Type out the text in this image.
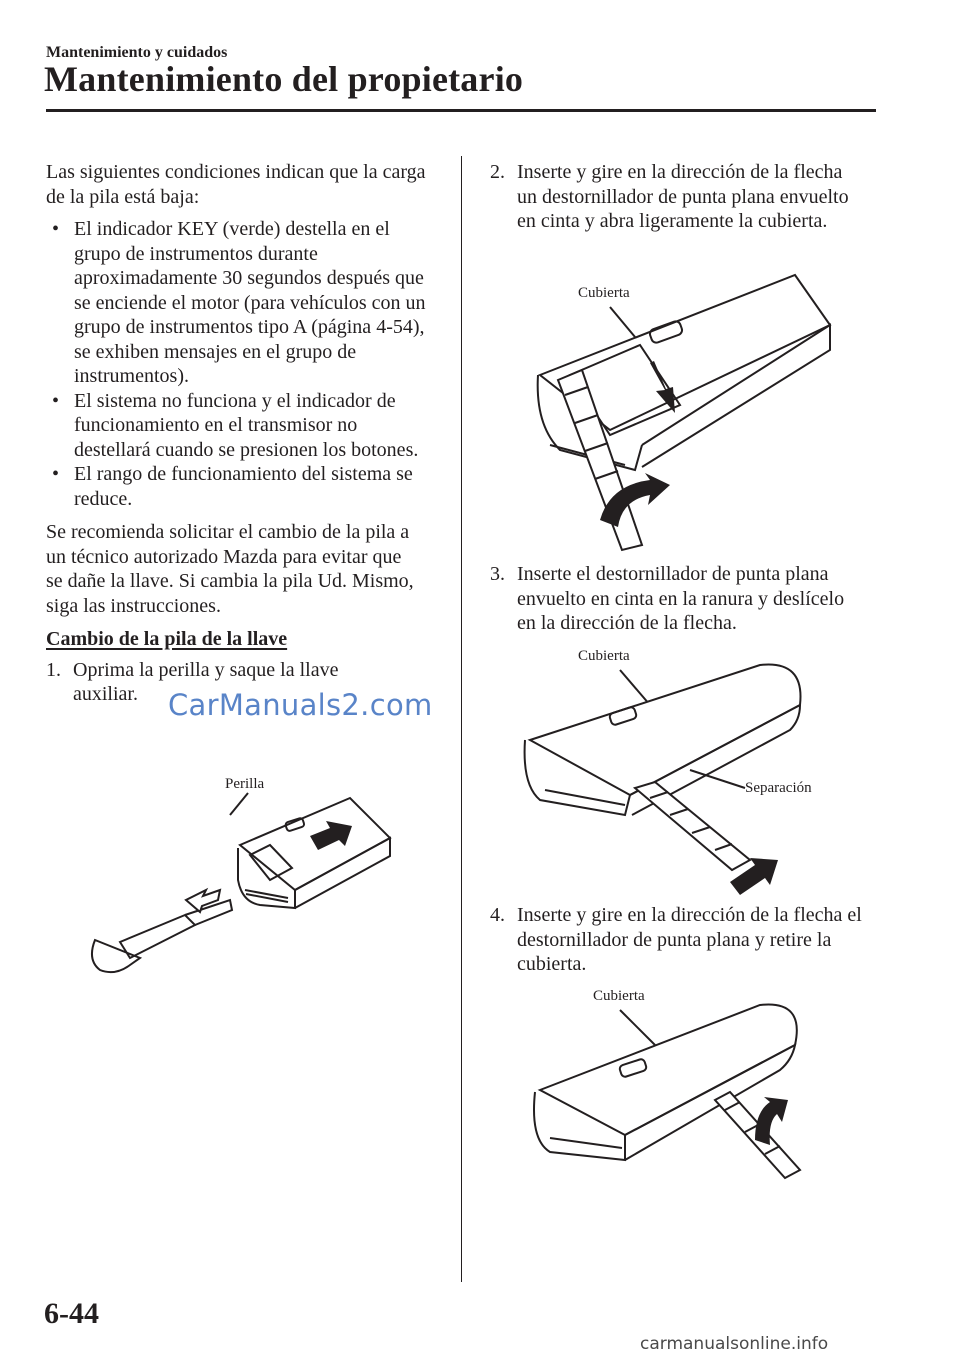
Mantenimiento y cuidados
Mantenimiento del propietario

Las siguientes condiciones indican que la carga de la pila está baja:

• El indicador KEY (verde) destella en el grupo de instrumentos durante aproximadamente 30 segundos después que se enciende el motor (para vehículos con un grupo de instrumentos tipo A (página 4-54), se exhiben mensajes en el grupo de instrumentos).

• El sistema no funciona y el indicador de funcionamiento en el transmisor no destellará cuando se presionen los botones.

• El rango de funcionamiento del sistema se reduce.

Se recomienda solicitar el cambio de la pila a un técnico autorizado Mazda para evitar que se dañe la llave. Si cambia la pila Ud. Mismo, siga las instrucciones.

Cambio de la pila de la llave

1. Oprima la perilla y saque la llave auxiliar.	CarManuals2.com
Perilla

2. Inserte y gire en la dirección de la flecha un destornillador de punta plana envuelto en cinta y abra ligeramente la cubierta.

Cubierta

3. Inserte el destornillador de punta plana envuelto en cinta en la ranura y deslícelo en la dirección de la flecha.

Cubierta
Separación

4. Inserte y gire en la dirección de la flecha el destornillador de punta plana y retire la cubierta.

Cubierta
6-44
carmanualsonline.info
